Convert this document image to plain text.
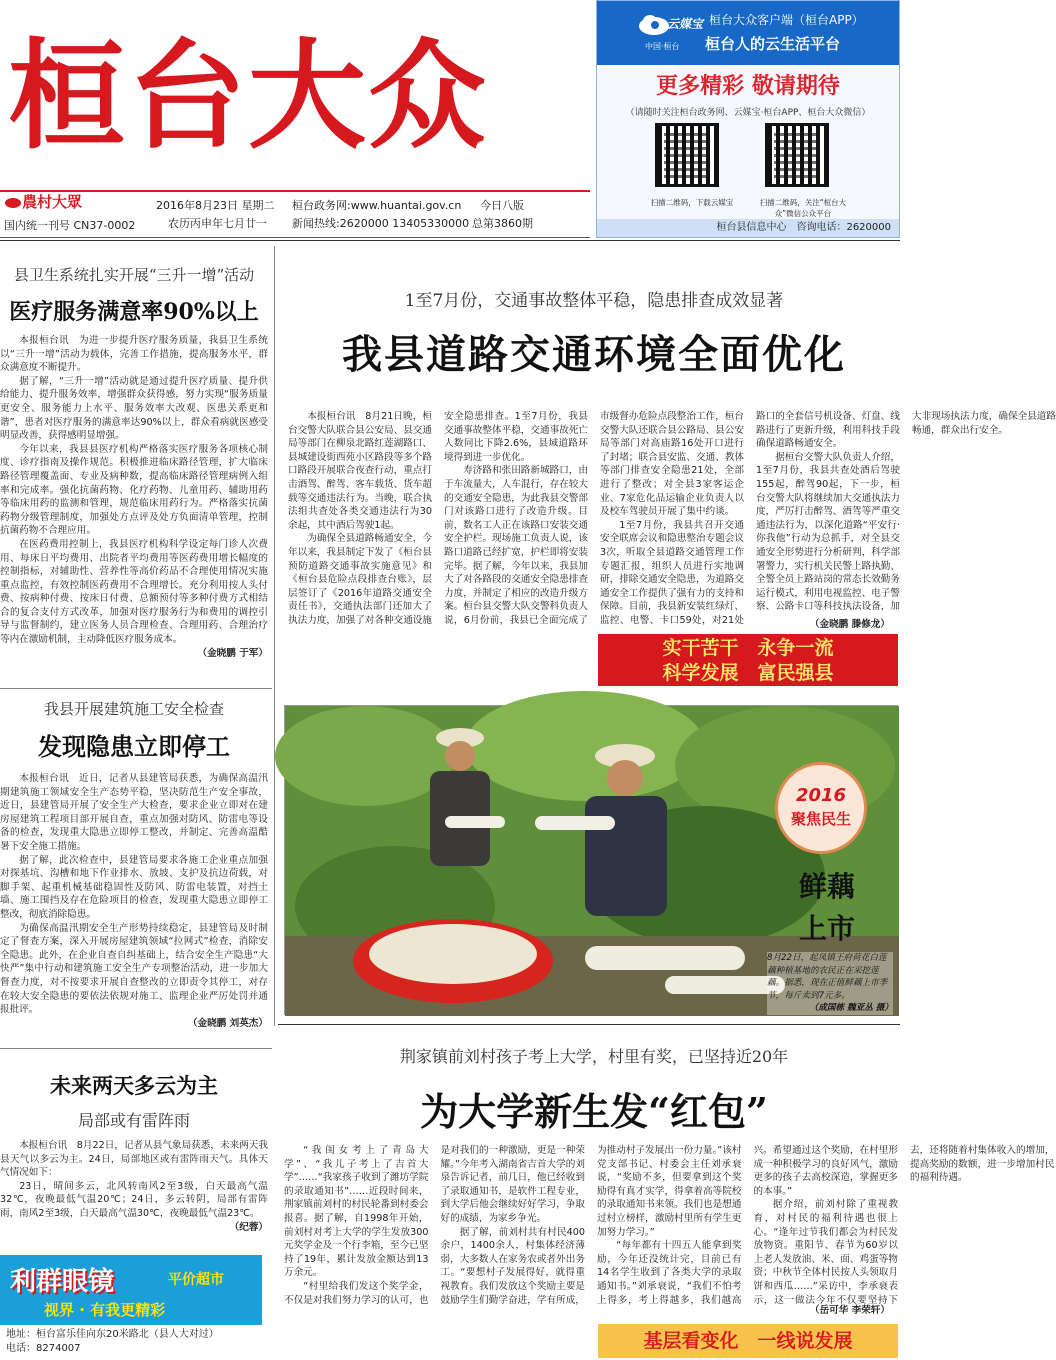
桓台大众
農村大眾
国内统一刊号 CN37-0002
2016年8月23日 星期二
农历丙申年七月廿一
桓台政务网:www.huantai.gov.cn
新闻热线:2620000 13405330000
今日八版
总第3860期
云媒宝
中国·桓台
桓台大众客户端（桓台APP）
桓台人的云生活平台
更多精彩 敬请期待
（请随时关注桓台政务网、云媒宝·桓台APP、桓台大众微信）
扫描二维码，下载云媒宝	扫描二维码，关注“桓台大众”微信公众平台
桓台县信息中心　咨询电话：2620000
县卫生系统扎实开展“三升一增”活动
医疗服务满意率90%以上

本报桓台讯　为进一步提升医疗服务质量，我县卫生系统以“三升一增”活动为载体，完善工作措施，提高服务水平，群众满意度不断提升。

据了解，“三升一增”活动就是通过提升医疗质量、提升供给能力、提升服务效率，增强群众获得感，努力实现“服务质量更安全、服务能力上水平、服务效率大改观、医患关系更和谐”，患者对医疗服务的满意率达90%以上，群众看病就医感受明显改善，获得感明显增强。

今年以来，我县县医疗机构严格落实医疗服务各项核心制度、诊疗指南及操作规范。积极推进临床路径管理，扩大临床路径管理覆盖面、专业及病种数，提高临床路径管理病例入组率和完成率。强化抗菌药物、化疗药物、儿童用药、辅助用药等临床用药的监测和管理，规范临床用药行为。严格落实抗菌药物分级管理制度，加强处方点评及处方负面清单管理，控制抗菌药物不合理应用。

在医药费用控制上，我县医疗机构科学设定每门诊人次费用、每床日平均费用、出院者平均费用等医药费用增长幅度的控制指标，对辅助性、营养性等高价药品不合理使用情况实施重点监控，有效控制医药费用不合理增长。充分利用按人头付费、按病种付费、按床日付费、总额预付等多种付费方式相结合的复合支付方式改革，加强对医疗服务行为和费用的调控引导与监督制约，建立医务人员合理检查、合理用药、合理治疗等内在激励机制，主动降低医疗服务成本。

（金晓鹏 于军）

1至7月份，交通事故整体平稳，隐患排查成效显著
我县道路交通环境全面优化

本报桓台讯　8月21日晚，桓台交警大队联合县公安局、县交通局等部门在柳泉北路红莲湖路口、县城建设街西苑小区路段等多个路口路段开展联合夜查行动，重点打击酒驾、醉驾、客车载货、货车超载等交通违法行为。当晚，联合执法组共查处各类交通违法行为30余起，其中酒后驾驶1起。

为确保全县道路畅通安全，今年以来，我县制定下发了《桓台县预防道路交通事故实施意见》和《桓台县危险点段排查台账》，层层签订了《2016年道路交通安全责任书》，交通执法部门还加大了执法力度，加强了对各种交通设施安全隐患排查。1至7月份，我县交通事故整体平稳，交通事故死亡人数同比下降2.6%，县域道路环境得到进一步优化。

寿济路和张田路新城路口，由于车流量大，人车混行，存在较大的交通安全隐患，为此我县交警部门对该路口进行了改造升级。目前，数名工人正在该路口安装交通安全护栏。现场施工负责人说，该路口道路已经扩宽，护栏即将安装完毕。据了解，今年以来，我县加大了对各路段的交通安全隐患排查力度，并制定了相应的改造升级方案。桓台县交警大队交警科负责人说，6月份前，我县已全面完成了市级督办危险点段整治工作，桓台交警大队还联合县公路局、县公安局等部门对高庙路16处开口进行了封堵；联合县安监、交通、教体等部门排查安全隐患21处，全部进行了整改；对全县3家客运企业、7家危化品运输企业负责人以及校车驾驶员开展了集中约谈。

1至7月份，我县共召开交通安全联席会议和隐患整治专题会议3次，听取全县道路交通管理工作专题汇报，组织人员进行实地调研，排除交通安全隐患，为道路交通安全工作提供了强有力的支持和保障。目前，我县新安装红绿灯、监控、电警、卡口59处，对21处路口的全套信号机设备、灯盘、线路进行了更新升级，利用科技手段确保道路畅通安全。

据桓台交警大队负责人介绍，1至7月份，我县共查处酒后驾驶155起，醉驾90起，下一步，桓台交警大队将继续加大交通执法力度，严厉打击醉驾、酒驾等严重交通违法行为，以深化道路“平安行·你我他”行动为总抓手，对全县交通安全形势进行分析研判，科学部署警力，实行机关民警上路执勤、全警全员上路站岗的常态长效勤务运行模式，利用电视监控、电子警察、公路卡口等科技执法设备，加大非现场执法力度，确保全县道路畅通，群众出行安全。

（金晓鹏 滕修龙）
实干苦干　永争一流
科学发展　富民强县
我县开展建筑施工安全检查
发现隐患立即停工

本报桓台讯　近日，记者从县建管局获悉，为确保高温汛期建筑施工领域安全生产态势平稳，坚决防范生产安全事故，近日，县建管局开展了安全生产大检查，要求企业立即对在建房屋建筑工程项目部开展自查，重点加强对防风、防雷电等设备的检查，发现重大隐患立即停工整改，并制定、完善高温酷暑下安全施工措施。

据了解，此次检查中，县建管局要求各施工企业重点加强对探基坑、沟槽和地下作业排水、放坡、支护及抗边荷载，对脚手架、起重机械基础稳固性及防风、防雷电装置，对挡土墙、施工围挡及存在危险项目的检查，发现重大隐患立即停工整改，彻底消除隐患。

为确保高温汛期安全生产形势持续稳定，县建管局及时制定了督查方案，深入开展房屋建筑领域“拉网式”检查，消除安全隐患。此外，在企业自查自纠基础上，结合安全生产隐患“大快严”集中行动和建筑施工安全生产专项整治活动，进一步加大督查力度，对不按要求开展自查整改的立即责令其停工，对存在较大安全隐患的要依法依规对施工、监理企业严厉处罚并通报批评。

（金晓鹏 刘英杰）

2016
聚焦民生
鲜藕
上市
8月22日，起凤镇王府荷花白莲藕种植基地的农民正在采挖莲藕。据悉，现在正值鲜藕上市季节，每斤卖到7元多。
（成国栋 魏亚丛 摄）
未来两天多云为主
局部或有雷阵雨

本报桓台讯　8月22日，记者从县气象局获悉，未来两天我县天气以多云为主。24日，局部地区或有雷阵雨天气。具体天气情况如下：

23日，晴间多云，北风转南风2至3级，白天最高气温32℃，夜晚最低气温20℃；24日，多云转阴，局部有雷阵雨，南风2至3级，白天最高气温30℃，夜晚最低气温23℃。

（纪蓉）

荆家镇前刘村孩子考上大学，村里有奖，已坚持近20年
为大学新生发“红包”

“我闺女考上了青岛大学”、“我儿子考上了吉首大学”……“我家孩子收到了潍坊学院的录取通知书”……近段时间来，荆家镇前刘村的村民轮番到村委会报喜。据了解，自1998年开始，前刘村对考上大学的学生发放300元奖学金及一个行李箱，至今已坚持了19年，累计发放金额达到13万余元。

“村里给我们发这个奖学金，不仅是对我们努力学习的认可，也是对我们的一种激励，更是一种荣耀。”今年考入湖南省吉首大学的刘泉告诉记者，前几日，他已经收到了录取通知书，是软件工程专业，到大学后他会继续好好学习，争取好的成绩，为家乡争光。

据了解，前刘村共有村民400余户，1400余人，村集体经济薄弱，大多数人在家务农或者外出务工。“要想村子发展得好，就得重视教育。我们发放这个奖励主要是鼓励学生们勤学奋进，学有所成，为推动村子发展出一份力量。”该村党支部书记、村委会主任刘承衰说，“奖励不多，但要拿到这个奖励得有真才实学，得拿着高等院校的录取通知书来领。我们也是想通过村立榜样，激励村里所有学生更加努力学习。”

“每年都有十四五人能拿到奖励，今年还没统计完，目前已有14名学生收到了各类大学的录取通知书。”刘承衰说，“我们不怕考上得多，考上得越多，我们越高兴。希望通过这个奖励，在村里形成一种积极学习的良好风气，激励更多的孩子去高校深造，掌握更多的本事。”

据介绍，前刘村除了重视教育，对村民的福利待遇也很上心。“逢年过节我们都会为村民发放物资。重阳节、春节为60岁以上老人发放油、米、面、鸡蛋等物资；中秋节全体村民按人头领取月饼和西瓜……”采访中，李承衰表示，这一做法今年不仅要坚持下去，还将随着村集体收入的增加，提高奖励的数额，进一步增加村民的福利待遇。

（岳可华 李荣轩）
利群眼镜	平价超市
视界 · 有我更精彩
地址：桓台富乐佳向东20米路北（县人大对过）
电话：8274007	基层看变化　一线说发展
